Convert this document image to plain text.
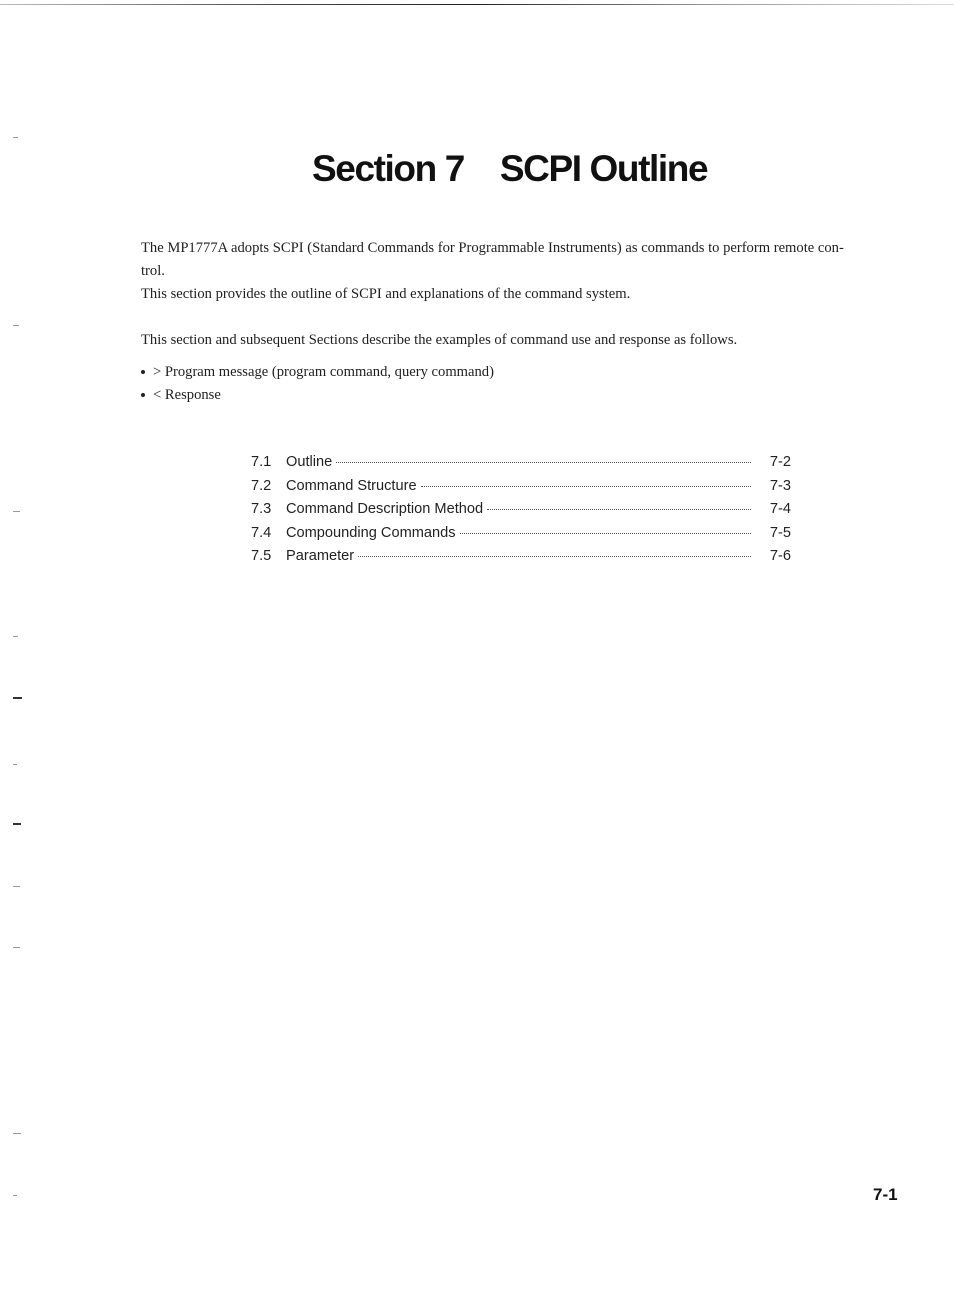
Section 7 SCPI Outline
The MP1777A adopts SCPI (Standard Commands for Programmable Instruments) as commands to perform remote con-
trol.
This section provides the outline of SCPI and explanations of the command system.

This section and subsequent Sections describe the examples of command use and response as follows.

> Program message (program command, query command)
< Response
7.1	Outline	7-2
7.2	Command Structure	7-3
7.3	Command Description Method	7-4
7.4	Compounding Commands	7-5
7.5	Parameter	7-6

7-1
